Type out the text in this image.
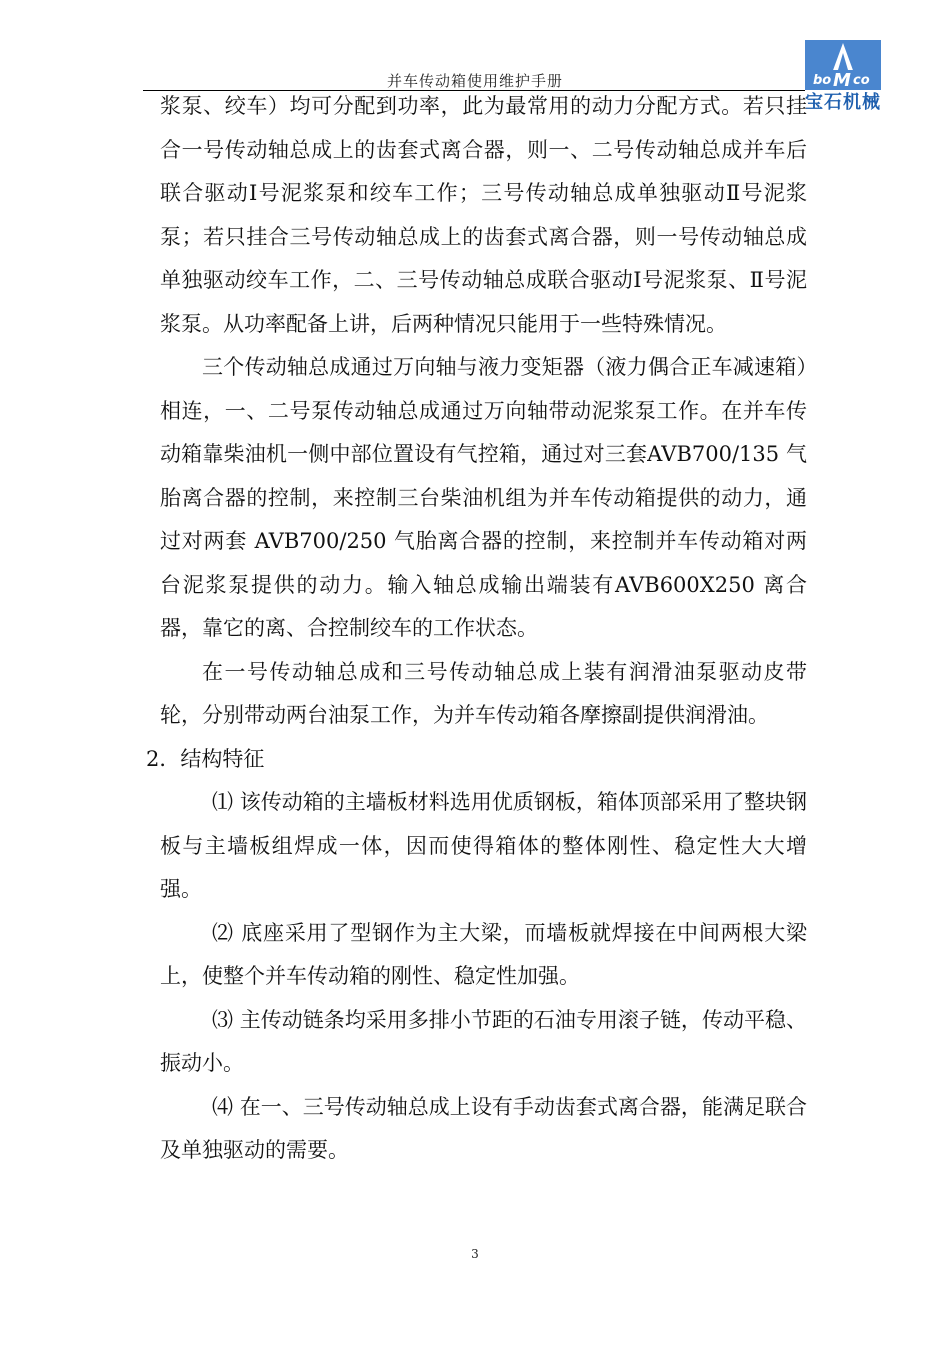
并车传动箱使用维护手册	bo M co
宝石机械

浆泵、绞车）均可分配到功率，此为最常用的动力分配方式。若只挂合一号传动轴总成上的齿套式离合器，则一、二号传动轴总成并车后联合驱动Ⅰ号泥浆泵和绞车工作；三号传动轴总成单独驱动Ⅱ号泥浆泵；若只挂合三号传动轴总成上的齿套式离合器，则一号传动轴总成单独驱动绞车工作，二、三号传动轴总成联合驱动Ⅰ号泥浆泵、Ⅱ号泥浆泵。从功率配备上讲，后两种情况只能用于一些特殊情况。

三个传动轴总成通过万向轴与液力变矩器（液力偶合正车减速箱）相连，一、二号泵传动轴总成通过万向轴带动泥浆泵工作。在并车传动箱靠柴油机一侧中部位置设有气控箱，通过对三套AVB700/135 气胎离合器的控制，来控制三台柴油机组为并车传动箱提供的动力，通过对两套 AVB700/250 气胎离合器的控制，来控制并车传动箱对两台泥浆泵提供的动力。输入轴总成输出端装有AVB600X250 离合器，靠它的离、合控制绞车的工作状态。

在一号传动轴总成和三号传动轴总成上装有润滑油泵驱动皮带轮，分别带动两台油泵工作，为并车传动箱各摩擦副提供润滑油。

2．结构特征

⑴ 该传动箱的主墙板材料选用优质钢板，箱体顶部采用了整块钢板与主墙板组焊成一体，因而使得箱体的整体刚性、稳定性大大增强。

⑵ 底座采用了型钢作为主大梁，而墙板就焊接在中间两根大梁上，使整个并车传动箱的刚性、稳定性加强。

⑶ 主传动链条均采用多排小节距的石油专用滚子链，传动平稳、振动小。

⑷ 在一、三号传动轴总成上设有手动齿套式离合器，能满足联合及单独驱动的需要。

3
